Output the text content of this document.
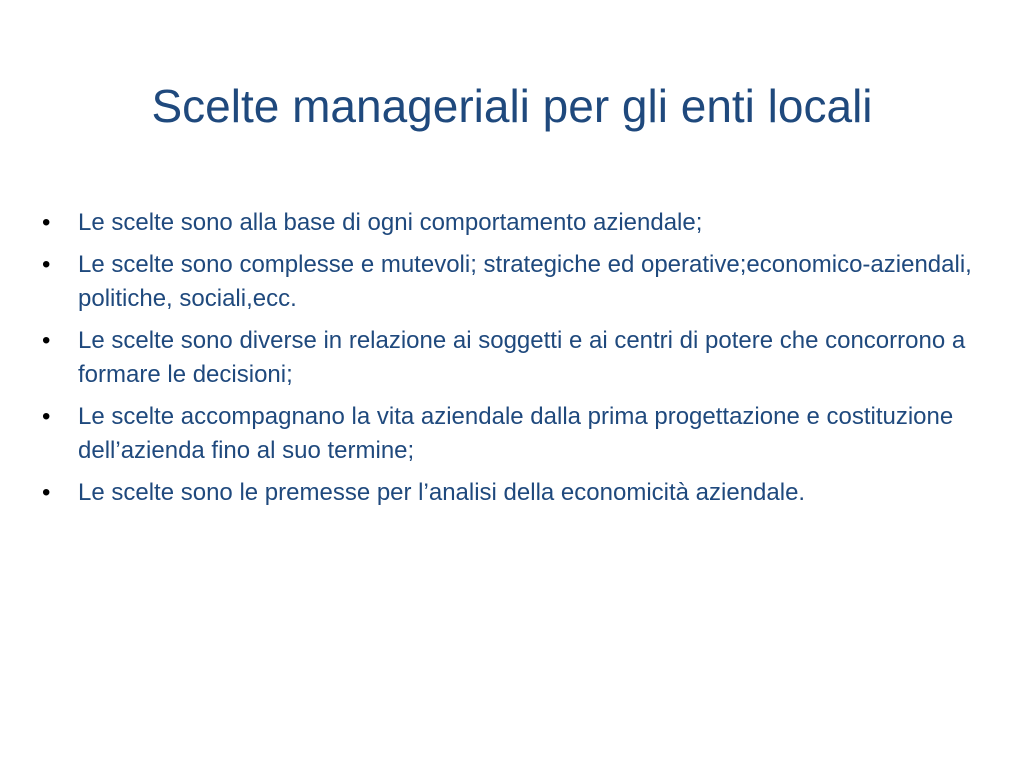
Scelte manageriali per gli enti locali
•	Le scelte sono alla base di ogni comportamento aziendale;
•	Le scelte sono complesse e mutevoli; strategiche ed operative;economico-aziendali, politiche, sociali,ecc.
•	Le scelte sono diverse in relazione ai soggetti e ai centri di potere che concorrono a formare le decisioni;
•	Le scelte accompagnano la vita aziendale dalla prima progettazione e costituzione dell’azienda fino al suo termine;
•	Le scelte sono le premesse per l’analisi della economicità aziendale.
